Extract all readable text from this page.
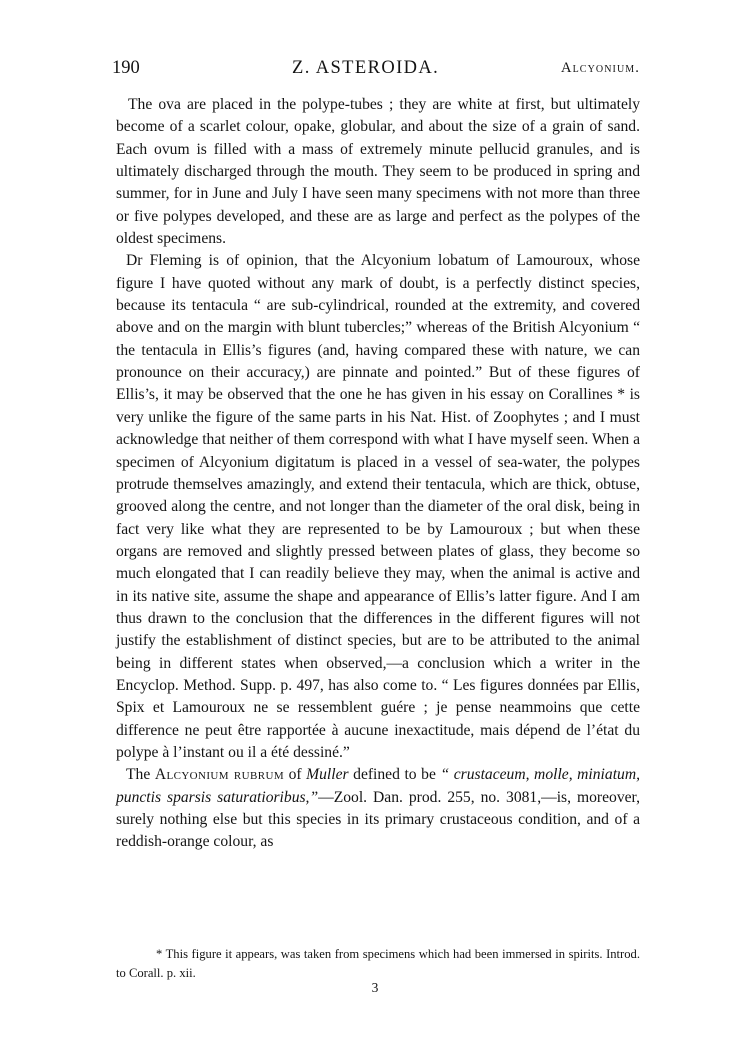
190	Z. ASTEROIDA.	Alcyonium.

The ova are placed in the polype-tubes ; they are white at first, but ultimately become of a scarlet colour, opake, globular, and about the size of a grain of sand. Each ovum is filled with a mass of extremely minute pellucid granules, and is ultimately discharged through the mouth. They seem to be produced in spring and summer, for in June and July I have seen many specimens with not more than three or five polypes developed, and these are as large and perfect as the polypes of the oldest specimens.

Dr Fleming is of opinion, that the Alcyonium lobatum of Lamouroux, whose figure I have quoted without any mark of doubt, is a perfectly distinct species, because its tentacula “ are sub-cylindrical, rounded at the extremity, and covered above and on the margin with blunt tubercles;” whereas of the British Alcyonium “ the tentacula in Ellis’s figures (and, having compared these with nature, we can pronounce on their accuracy,) are pinnate and pointed.” But of these figures of Ellis’s, it may be observed that the one he has given in his essay on Corallines * is very unlike the figure of the same parts in his Nat. Hist. of Zoophytes ; and I must acknowledge that neither of them correspond with what I have myself seen. When a specimen of Alcyonium digitatum is placed in a vessel of sea-water, the polypes protrude themselves amazingly, and extend their tentacula, which are thick, obtuse, grooved along the centre, and not longer than the diameter of the oral disk, being in fact very like what they are represented to be by Lamouroux ; but when these organs are removed and slightly pressed between plates of glass, they become so much elongated that I can readily believe they may, when the animal is active and in its native site, assume the shape and appearance of Ellis’s latter figure. And I am thus drawn to the conclusion that the differences in the different figures will not justify the establishment of distinct species, but are to be attributed to the animal being in different states when observed,—a conclusion which a writer in the Encyclop. Method. Supp. p. 497, has also come to. “ Les figures données par Ellis, Spix et Lamouroux ne se ressemblent guére ; je pense neammoins que cette difference ne peut être rapportée à aucune inexactitude, mais dépend de l’état du polype à l’instant ou il a été dessiné.”

The Alcyonium rubrum of Muller defined to be “ crustaceum, molle, miniatum, punctis sparsis saturatioribus,”—Zool. Dan. prod. 255, no. 3081,—is, moreover, surely nothing else but this species in its primary crustaceous condition, and of a reddish-orange colour, as

* This figure it appears, was taken from specimens which had been immersed in spirits. Introd. to Corall. p. xii.
3
